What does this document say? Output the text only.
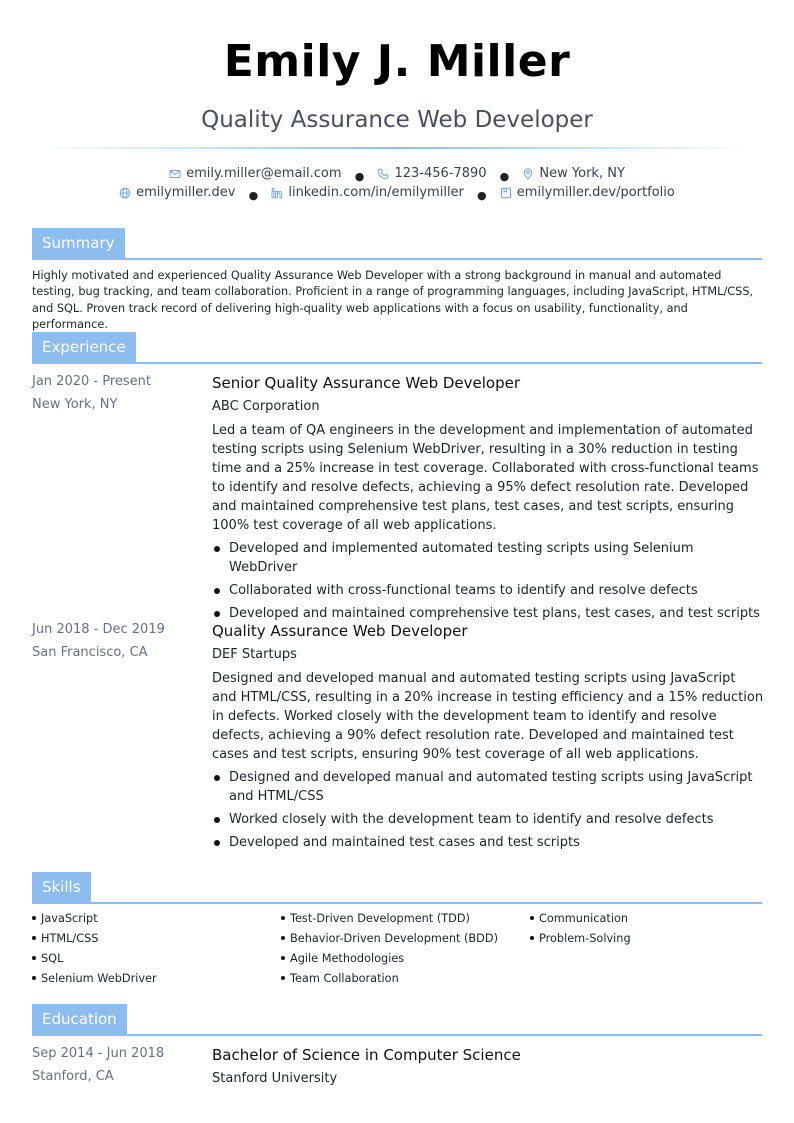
Emily J. Miller
Quality Assurance Web Developer
emily.miller@email.com ● 123-456-7890 ● New York, NY
emilymiller.dev ● linkedin.com/in/emilymiller ● emilymiller.dev/portfolio
Summary
Highly motivated and experienced Quality Assurance Web Developer with a strong background in manual and automated testing, bug tracking, and team collaboration. Proficient in a range of programming languages, including JavaScript, HTML/CSS, and SQL. Proven track record of delivering high-quality web applications with a focus on usability, functionality, and performance.
Experience
Jan 2020 - Present
New York, NY
Senior Quality Assurance Web Developer
ABC Corporation
Led a team of QA engineers in the development and implementation of automated testing scripts using Selenium WebDriver, resulting in a 30% reduction in testing time and a 25% increase in test coverage. Collaborated with cross-functional teams to identify and resolve defects, achieving a 95% defect resolution rate. Developed and maintained comprehensive test plans, test cases, and test scripts, ensuring 100% test coverage of all web applications.
Developed and implemented automated testing scripts using Selenium WebDriver
Collaborated with cross-functional teams to identify and resolve defects
Developed and maintained comprehensive test plans, test cases, and test scripts
Jun 2018 - Dec 2019
San Francisco, CA
Quality Assurance Web Developer
DEF Startups
Designed and developed manual and automated testing scripts using JavaScript and HTML/CSS, resulting in a 20% increase in testing efficiency and a 15% reduction in defects. Worked closely with the development team to identify and resolve defects, achieving a 90% defect resolution rate. Developed and maintained test cases and test scripts, ensuring 90% test coverage of all web applications.
Designed and developed manual and automated testing scripts using JavaScript and HTML/CSS
Worked closely with the development team to identify and resolve defects
Developed and maintained test cases and test scripts
Skills
JavaScript
HTML/CSS
SQL
Selenium WebDriver
Test-Driven Development (TDD)
Behavior-Driven Development (BDD)
Agile Methodologies
Team Collaboration
Communication
Problem-Solving
Education
Sep 2014 - Jun 2018
Stanford, CA
Bachelor of Science in Computer Science
Stanford University
